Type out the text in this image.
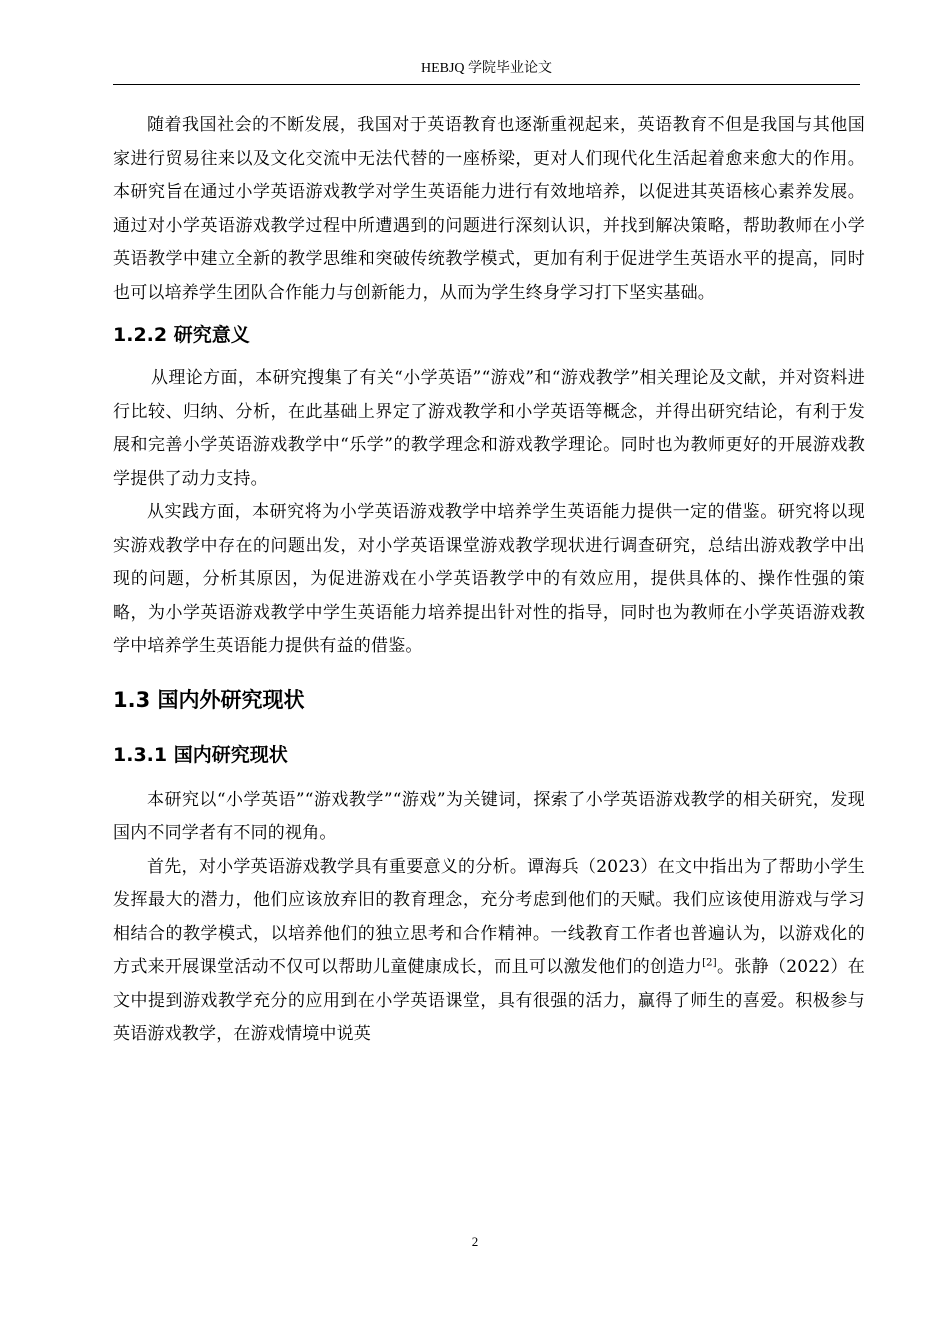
HEBJQ 学院毕业论文

随着我国社会的不断发展，我国对于英语教育也逐渐重视起来，英语教育不但是我国与其他国家进行贸易往来以及文化交流中无法代替的一座桥梁，更对人们现代化生活起着愈来愈大的作用。本研究旨在通过小学英语游戏教学对学生英语能力进行有效地培养，以促进其英语核心素养发展。通过对小学英语游戏教学过程中所遭遇到的问题进行深刻认识，并找到解决策略，帮助教师在小学英语教学中建立全新的教学思维和突破传统教学模式，更加有利于促进学生英语水平的提高，同时也可以培养学生团队合作能力与创新能力，从而为学生终身学习打下坚实基础。

1.2.2 研究意义

从理论方面，本研究搜集了有关“小学英语”“游戏”和“游戏教学”相关理论及文献，并对资料进行比较、归纳、分析，在此基础上界定了游戏教学和小学英语等概念，并得出研究结论，有利于发展和完善小学英语游戏教学中“乐学”的教学理念和游戏教学理论。同时也为教师更好的开展游戏教学提供了动力支持。

从实践方面，本研究将为小学英语游戏教学中培养学生英语能力提供一定的借鉴。研究将以现实游戏教学中存在的问题出发，对小学英语课堂游戏教学现状进行调查研究，总结出游戏教学中出现的问题，分析其原因，为促进游戏在小学英语教学中的有效应用，提供具体的、操作性强的策略，为小学英语游戏教学中学生英语能力培养提出针对性的指导，同时也为教师在小学英语游戏教学中培养学生英语能力提供有益的借鉴。

1.3 国内外研究现状
1.3.1 国内研究现状

本研究以“小学英语”“游戏教学”“游戏”为关键词，探索了小学英语游戏教学的相关研究，发现国内不同学者有不同的视角。

首先，对小学英语游戏教学具有重要意义的分析。谭海兵（2023）在文中指出为了帮助小学生发挥最大的潜力，他们应该放弃旧的教育理念，充分考虑到他们的天赋。我们应该使用游戏与学习相结合的教学模式，以培养他们的独立思考和合作精神。一线教育工作者也普遍认为，以游戏化的方式来开展课堂活动不仅可以帮助儿童健康成长，而且可以激发他们的创造力[2]。张静（2022）在文中提到游戏教学充分的应用到在小学英语课堂，具有很强的活力，赢得了师生的喜爱。积极参与英语游戏教学，在游戏情境中说英

2
